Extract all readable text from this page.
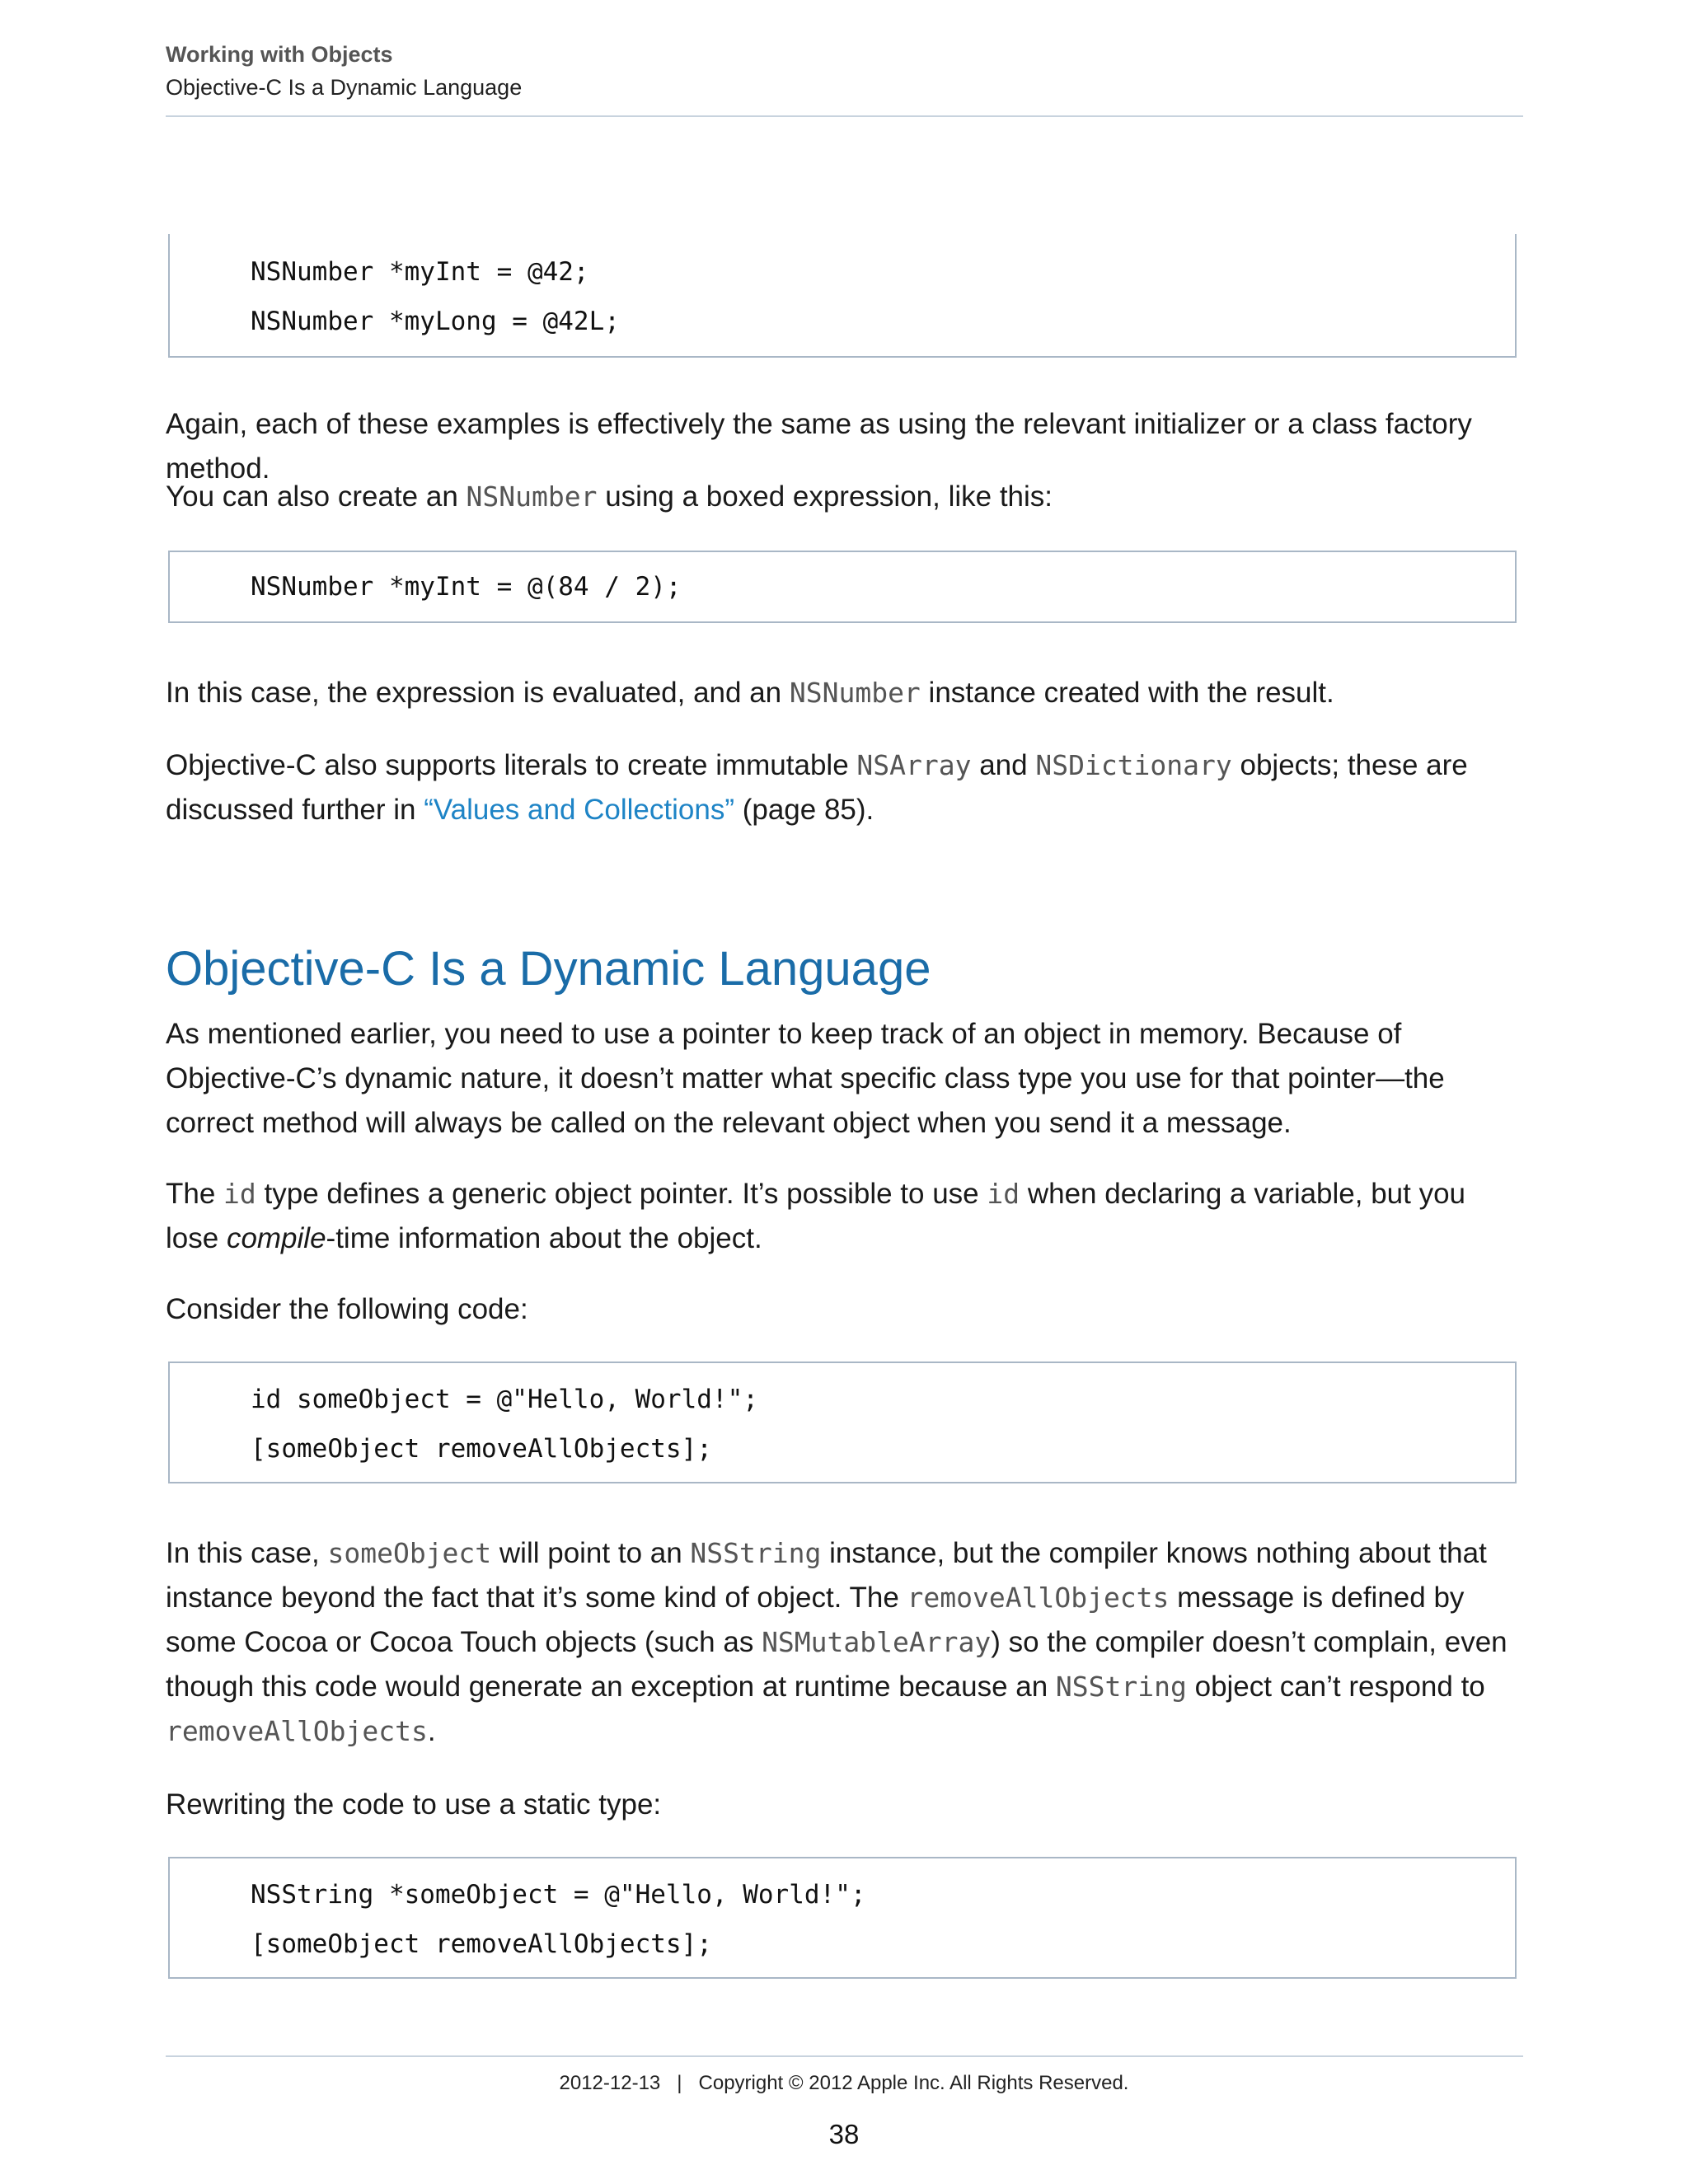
Working with Objects
Objective-C Is a Dynamic Language
NSNumber *myInt = @42;
NSNumber *myLong = @42L;
Again, each of these examples is effectively the same as using the relevant initializer or a class factory method.
You can also create an NSNumber using a boxed expression, like this:
NSNumber *myInt = @(84 / 2);
In this case, the expression is evaluated, and an NSNumber instance created with the result.
Objective-C also supports literals to create immutable NSArray and NSDictionary objects; these are discussed further in “Values and Collections” (page 85).
Objective-C Is a Dynamic Language
As mentioned earlier, you need to use a pointer to keep track of an object in memory. Because of Objective-C’s dynamic nature, it doesn’t matter what specific class type you use for that pointer—the correct method will always be called on the relevant object when you send it a message.
The id type defines a generic object pointer. It’s possible to use id when declaring a variable, but you lose compile-time information about the object.
Consider the following code:
id someObject = @"Hello, World!";
[someObject removeAllObjects];
In this case, someObject will point to an NSString instance, but the compiler knows nothing about that instance beyond the fact that it’s some kind of object. The removeAllObjects message is defined by some Cocoa or Cocoa Touch objects (such as NSMutableArray) so the compiler doesn’t complain, even though this code would generate an exception at runtime because an NSString object can’t respond to removeAllObjects.
Rewriting the code to use a static type:
NSString *someObject = @"Hello, World!";
[someObject removeAllObjects];
2012-12-13   |   Copyright © 2012 Apple Inc. All Rights Reserved.
38
